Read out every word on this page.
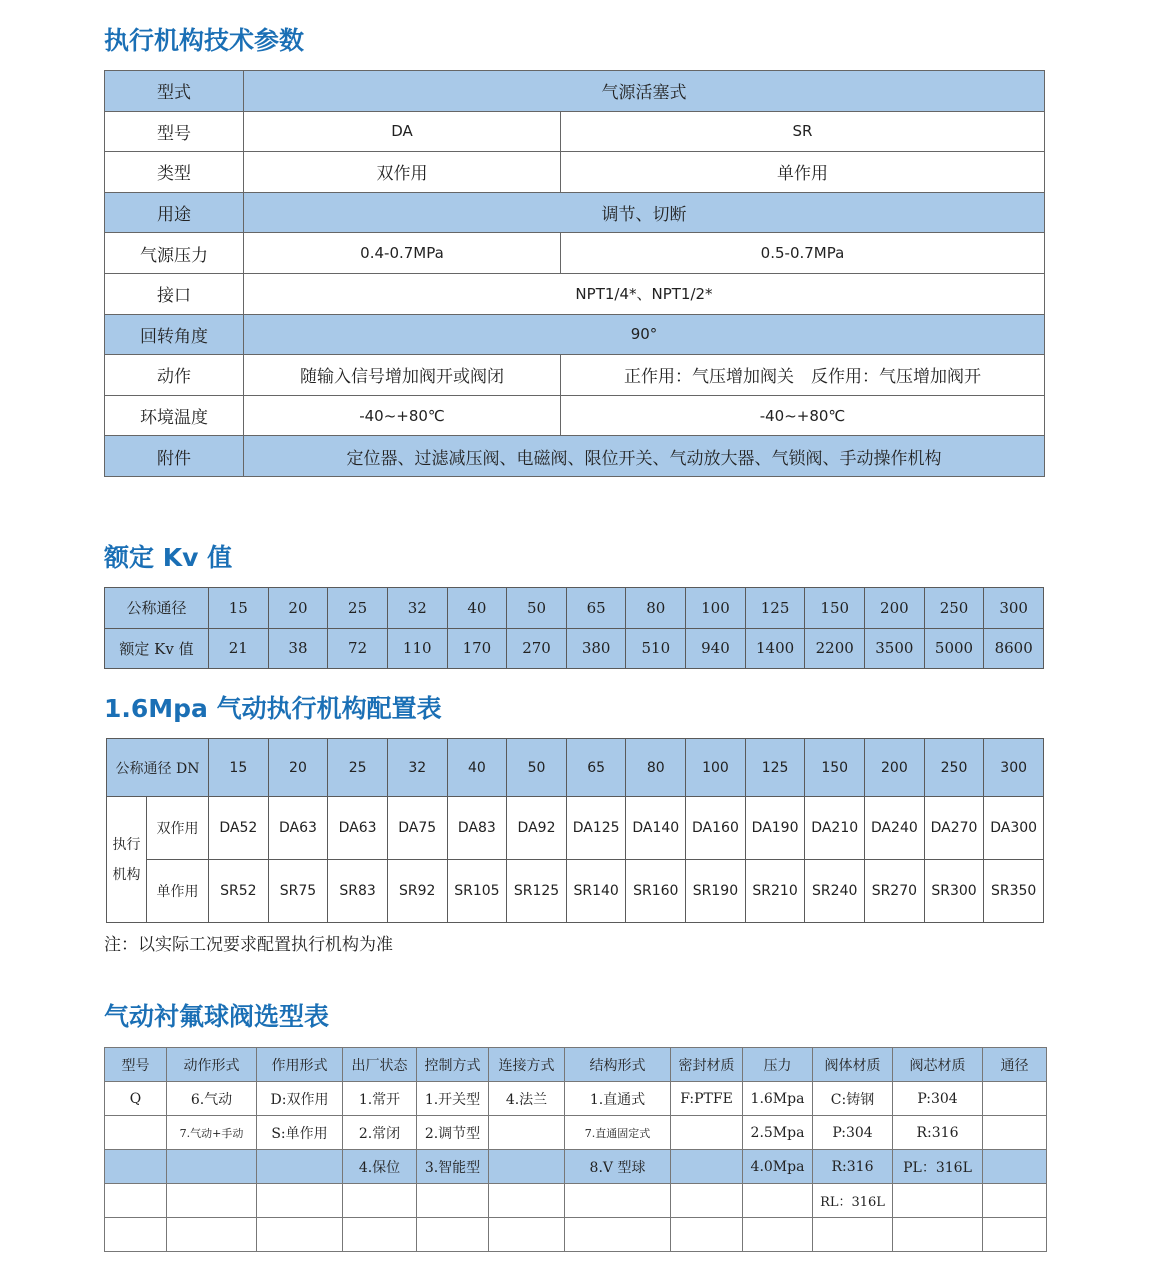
执行机构技术参数
型式	气源活塞式	
型号	DA	SR
类型	双作用	单作用
用途	调节、切断	
气源压力	0.4-0.7MPa	0.5-0.7MPa
接口	NPT1/4*、NPT1/2*	
回转角度	90°	
动作	随输入信号增加阀开或阀闭	正作用：气压增加阀关　反作用：气压增加阀开
环境温度	-40~+80℃	-40~+80℃
附件	定位器、过滤减压阀、电磁阀、限位开关、气动放大器、气锁阀、手动操作机构	
额定 Kv 值
公称通径	15	20	25	32	40	50	65	80	100	125	150	200	250	300
额定 Kv 值	21	38	72	110	170	270	380	510	940	1400	2200	3500	5000	8600
1.6Mpa 气动执行机构配置表
公称通径 DN		15	20	25	32	40	50	65	80	100	125	150	200	250	300

执行
机构	双作用	DA52	DA63	DA63	DA75	DA83	DA92	DA125	DA140	DA160	DA190	DA210	DA240	DA270	DA300
	单作用	SR52	SR75	SR83	SR92	SR105	SR125	SR140	SR160	SR190	SR210	SR240	SR270	SR300	SR350
注：以实际工况要求配置执行机构为准
气动衬氟球阀选型表
型号	动作形式	作用形式	出厂状态	控制方式	连接方式	结构形式	密封材质	压力	阀体材质	阀芯材质	通径
Q	6.气动	D:双作用	1.常开	1.开关型	4.法兰	1.直通式	F:PTFE	1.6Mpa	C:铸钢	P:304	
	7.气动+手动	S:单作用	2.常闭	2.调节型		7.直通固定式		2.5Mpa	P:304	R:316	
			4.保位	3.智能型		8.V 型球		4.0Mpa	R:316	PL：316L	
									RL：316L		
